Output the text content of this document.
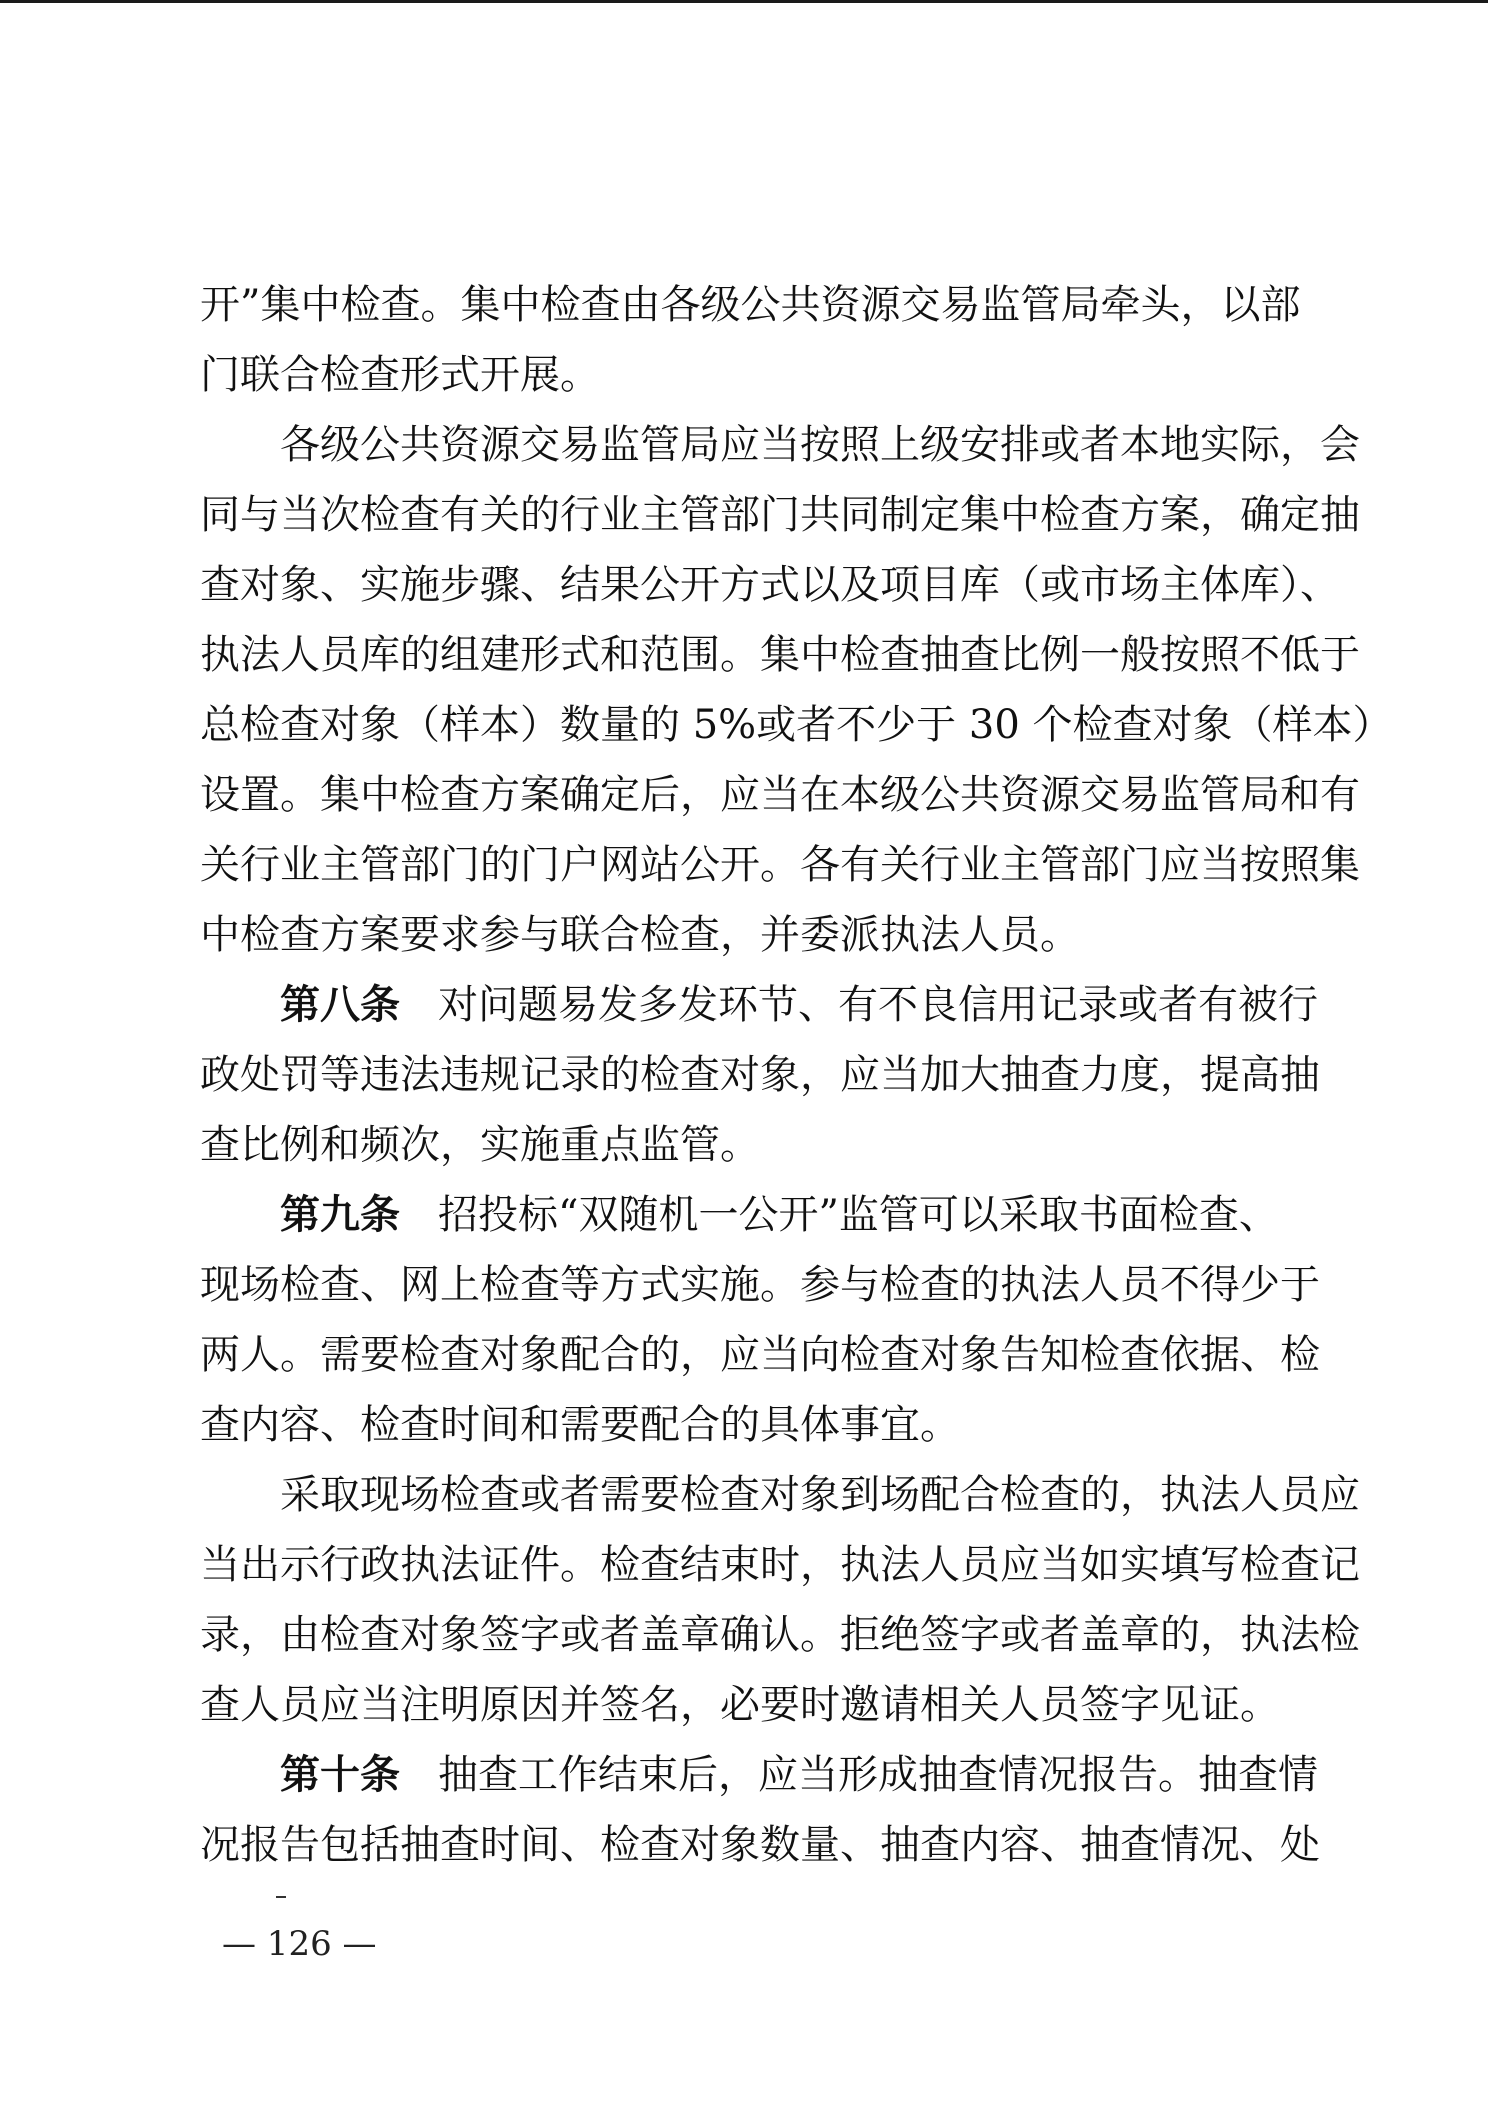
开”集中检查。集中检查由各级公共资源交易监管局牵头，以部
门联合检查形式开展。
各级公共资源交易监管局应当按照上级安排或者本地实际，会
同与当次检查有关的行业主管部门共同制定集中检查方案，确定抽
查对象、实施步骤、结果公开方式以及项目库（或市场主体库）、
执法人员库的组建形式和范围。集中检查抽查比例一般按照不低于
总检查对象（样本）数量的 5%或者不少于 30 个检查对象（样本）
设置。集中检查方案确定后，应当在本级公共资源交易监管局和有
关行业主管部门的门户网站公开。各有关行业主管部门应当按照集
中检查方案要求参与联合检查，并委派执法人员。
第八条 对问题易发多发环节、有不良信用记录或者有被行
政处罚等违法违规记录的检查对象，应当加大抽查力度，提高抽
查比例和频次，实施重点监管。
第九条 招投标“双随机一公开”监管可以采取书面检查、
现场检查、网上检查等方式实施。参与检查的执法人员不得少于
两人。需要检查对象配合的，应当向检查对象告知检查依据、检
查内容、检查时间和需要配合的具体事宜。
采取现场检查或者需要检查对象到场配合检查的，执法人员应
当出示行政执法证件。检查结束时，执法人员应当如实填写检查记
录，由检查对象签字或者盖章确认。拒绝签字或者盖章的，执法检
查人员应当注明原因并签名，必要时邀请相关人员签字见证。
第十条 抽查工作结束后，应当形成抽查情况报告。抽查情
况报告包括抽查时间、检查对象数量、抽查内容、抽查情况、处
— 126 —
